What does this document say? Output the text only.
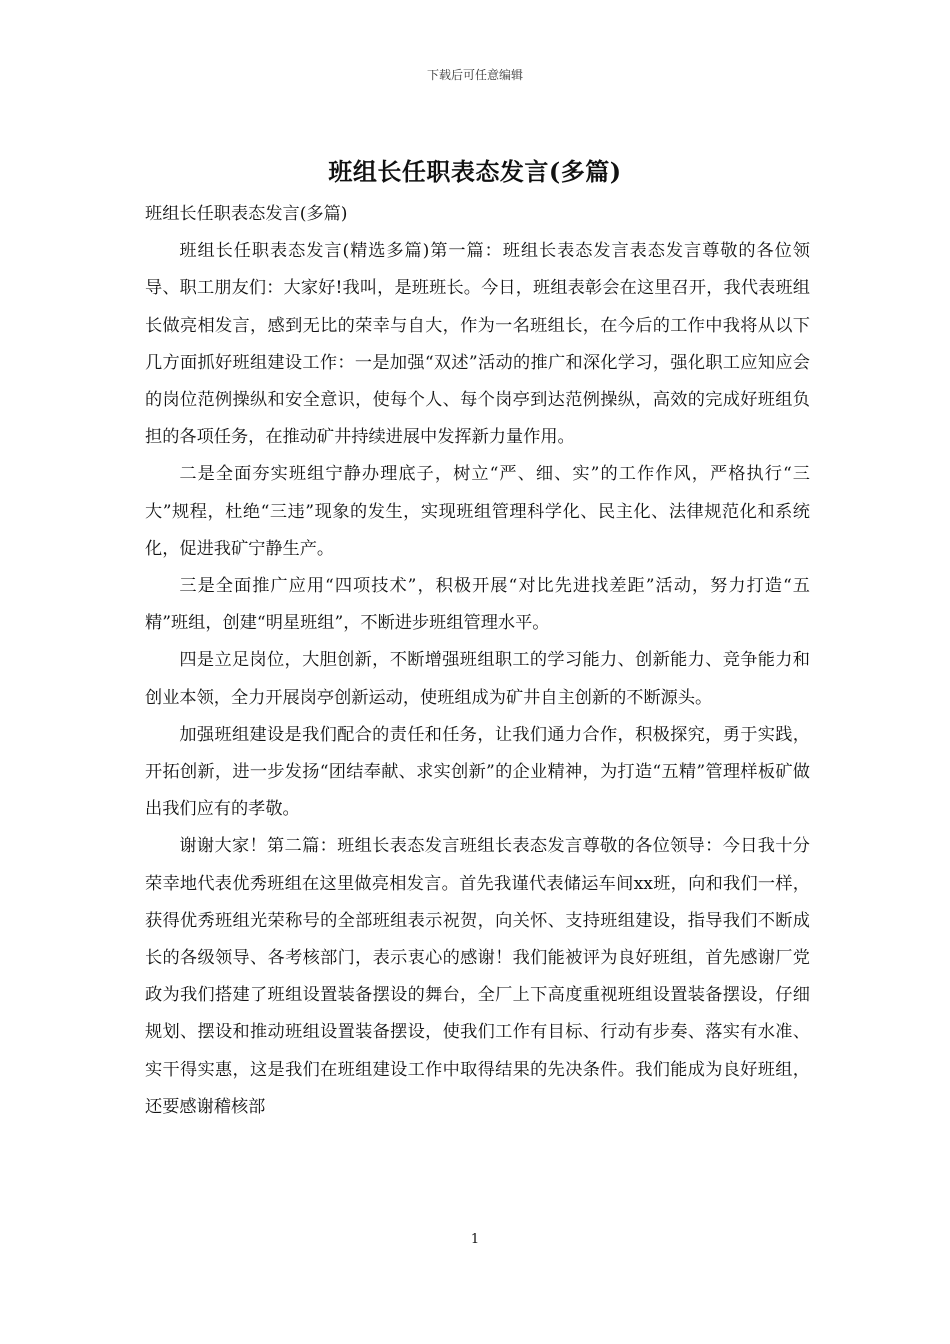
下载后可任意编辑
班组长任职表态发言(多篇)

班组长任职表态发言(多篇)

班组长任职表态发言(精选多篇)第一篇：班组长表态发言表态发言尊敬的各位领导、职工朋友们：大家好!我叫，是班班长。今日，班组表彰会在这里召开，我代表班组长做亮相发言，感到无比的荣幸与自大，作为一名班组长，在今后的工作中我将从以下几方面抓好班组建设工作：一是加强“双述”活动的推广和深化学习，强化职工应知应会的岗位范例操纵和安全意识，使每个人、每个岗亭到达范例操纵，高效的完成好班组负担的各项任务，在推动矿井持续进展中发挥新力量作用。

二是全面夯实班组宁静办理底子，树立“严、细、实”的工作作风，严格执行“三大”规程，杜绝“三违”现象的发生，实现班组管理科学化、民主化、法律规范化和系统化，促进我矿宁静生产。

三是全面推广应用“四项技术”，积极开展“对比先进找差距”活动，努力打造“五精”班组，创建“明星班组”，不断进步班组管理水平。

四是立足岗位，大胆创新，不断增强班组职工的学习能力、创新能力、竞争能力和创业本领，全力开展岗亭创新运动，使班组成为矿井自主创新的不断源头。

加强班组建设是我们配合的责任和任务，让我们通力合作，积极探究，勇于实践，开拓创新，进一步发扬“团结奉献、求实创新”的企业精神，为打造“五精”管理样板矿做出我们应有的孝敬。

谢谢大家！第二篇：班组长表态发言班组长表态发言尊敬的各位领导：今日我十分荣幸地代表优秀班组在这里做亮相发言。首先我谨代表储运车间xx班，向和我们一样，获得优秀班组光荣称号的全部班组表示祝贺，向关怀、支持班组建设，指导我们不断成长的各级领导、各考核部门，表示衷心的感谢！我们能被评为良好班组，首先感谢厂党政为我们搭建了班组设置装备摆设的舞台，全厂上下高度重视班组设置装备摆设，仔细规划、摆设和推动班组设置装备摆设，使我们工作有目标、行动有步奏、落实有水准、实干得实惠，这是我们在班组建设工作中取得结果的先决条件。我们能成为良好班组，还要感谢稽核部

1
